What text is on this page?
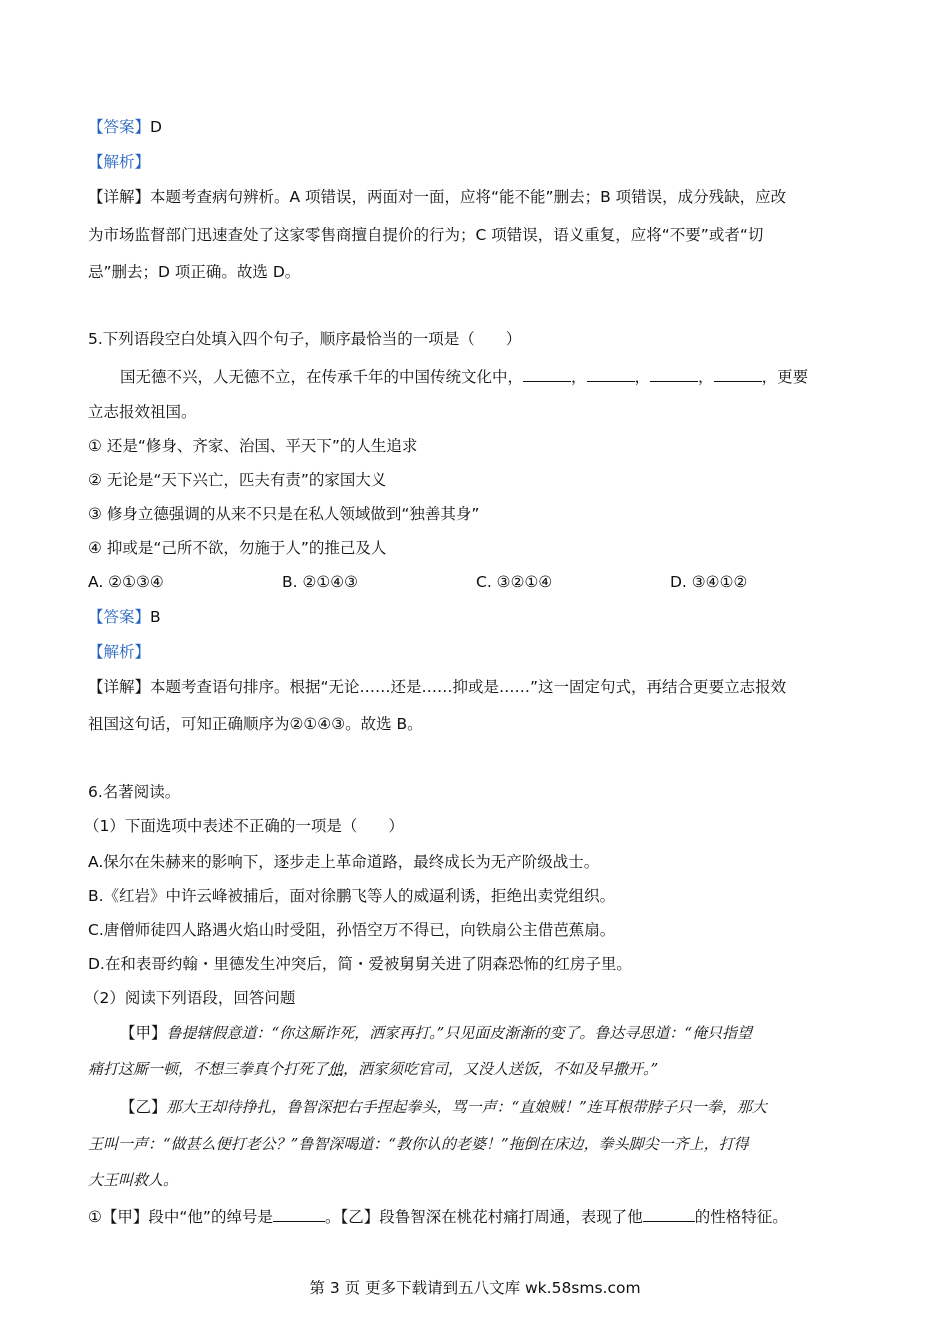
【答案】D
【解析】
【详解】本题考查病句辨析。A 项错误，两面对一面，应将“能不能”删去；B 项错误，成分残缺，应改
为市场监督部门迅速查处了这家零售商擅自提价的行为；C 项错误，语义重复，应将“不要”或者“切
忌”删去；D 项正确。故选 D。
5.下列语段空白处填入四个句子，顺序最恰当的一项是（　　）
国无德不兴，人无德不立，在传承千年的中国传统文化中，	，	，	，	，更要
立志报效祖国。
① 还是“修身、齐家、治国、平天下”的人生追求
② 无论是“天下兴亡，匹夫有责”的家国大义
③ 修身立德强调的从来不只是在私人领域做到“独善其身”
④ 抑或是“己所不欲，勿施于人”的推己及人
A. ②①③④	B. ②①④③	C. ③②①④	D. ③④①②
【答案】B
【解析】
【详解】本题考查语句排序。根据“无论……还是……抑或是……”这一固定句式，再结合更要立志报效
祖国这句话，可知正确顺序为②①④③。故选 B。
6.名著阅读。
（1）下面选项中表述不正确的一项是（　　）
A.保尔在朱赫来的影响下，逐步走上革命道路，最终成长为无产阶级战士。
B.《红岩》中许云峰被捕后，面对徐鹏飞等人的威逼利诱，拒绝出卖党组织。
C.唐僧师徒四人路遇火焰山时受阻，孙悟空万不得已，向铁扇公主借芭蕉扇。
D.在和表哥约翰・里德发生冲突后，简・爱被舅舅关进了阴森恐怖的红房子里。
（2）阅读下列语段，回答问题
【甲】鲁提辖假意道：“你这厮诈死，洒家再打。”只见面皮渐渐的变了。鲁达寻思道：“俺只指望
痛打这厮一顿，不想三拳真个打死了他，洒家须吃官司，又没人送饭，不如及早撒开。”
【乙】那大王却待挣扎，鲁智深把右手捏起拳头，骂一声：“直娘贼！”连耳根带脖子只一拳，那大
王叫一声：“做甚么便打老公？”鲁智深喝道：“教你认的老婆！”拖倒在床边，拳头脚尖一齐上，打得
大王叫救人。
①【甲】段中“他”的绰号是	。【乙】段鲁智深在桃花村痛打周通，表现了他	的性格特征。
第 3 页 更多下载请到五八文库 wk.58sms.com
